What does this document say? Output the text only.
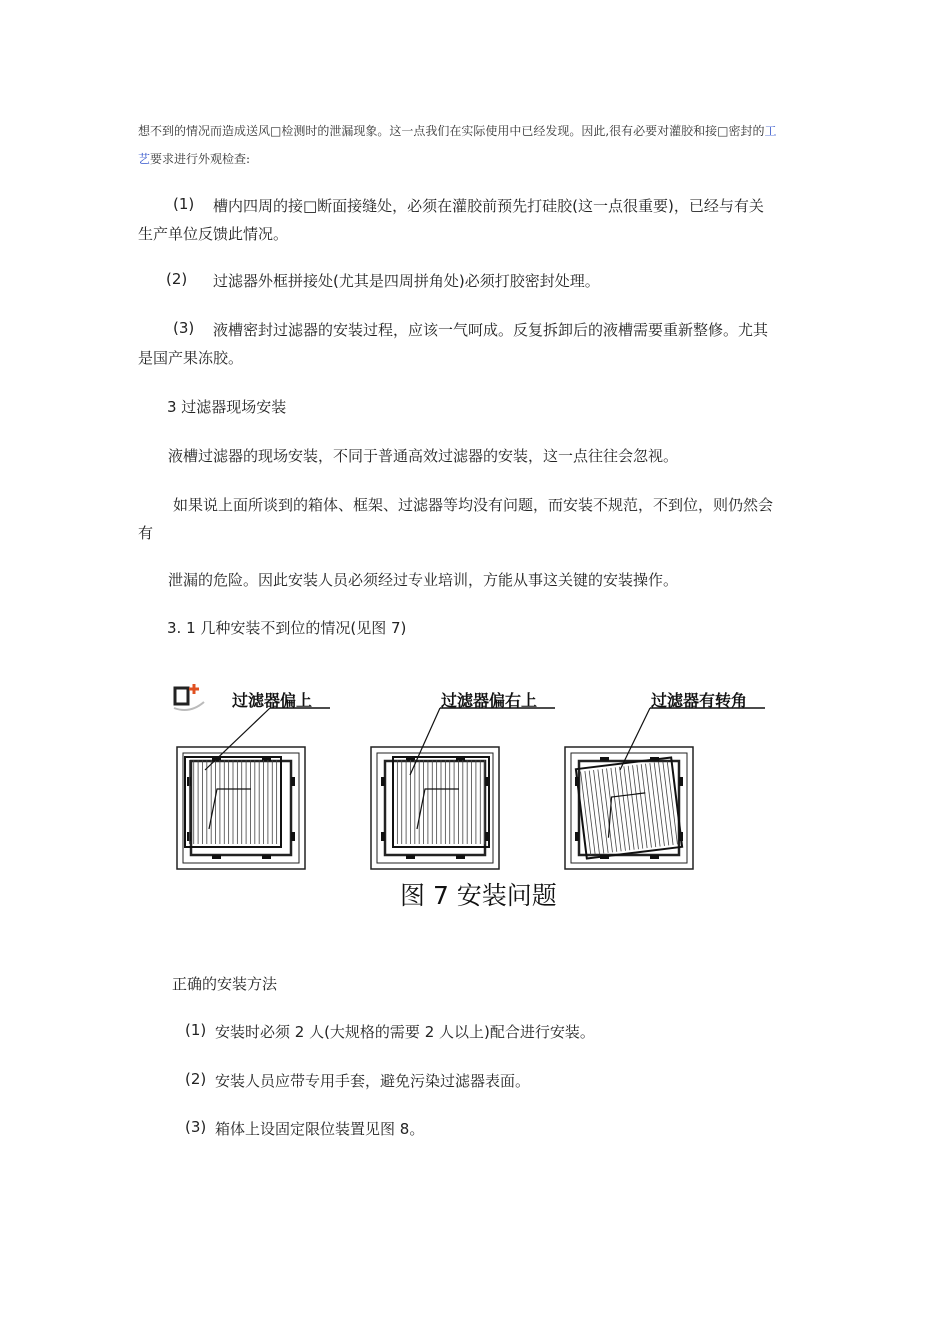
想不到的情况而造成送风□检测时的泄漏现象。这一点我们在实际使用中已经发现。因此,很有必要对灌胶和接□密封的工
艺要求进行外观检查:
(1) 槽内四周的接□断面接缝处，必须在灌胶前预先打硅胶(这一点很重要)，已经与有关
生产单位反馈此情况。
(2) 过滤器外框拼接处(尤其是四周拼角处)必须打胶密封处理。
(3) 液槽密封过滤器的安装过程，应该一气呵成。反复拆卸后的液槽需要重新整修。尤其
是国产果冻胶。
3 过滤器现场安装
液槽过滤器的现场安装，不同于普通高效过滤器的安装，这一点往往会忽视。
如果说上面所谈到的箱体、框架、过滤器等均没有问题，而安装不规范，不到位，则仍然会
有
泄漏的危险。因此安装人员必须经过专业培训，方能从事这关键的安装操作。
3. 1 几种安装不到位的情况(见图 7)
过滤器偏上	过滤器偏右上	过滤器有转角
图 7 安装问题
正确的安装方法
(1) 安装时必须 2 人(大规格的需要 2 人以上)配合进行安装。
(2) 安装人员应带专用手套，避免污染过滤器表面。
(3) 箱体上设固定限位装置见图 8。
